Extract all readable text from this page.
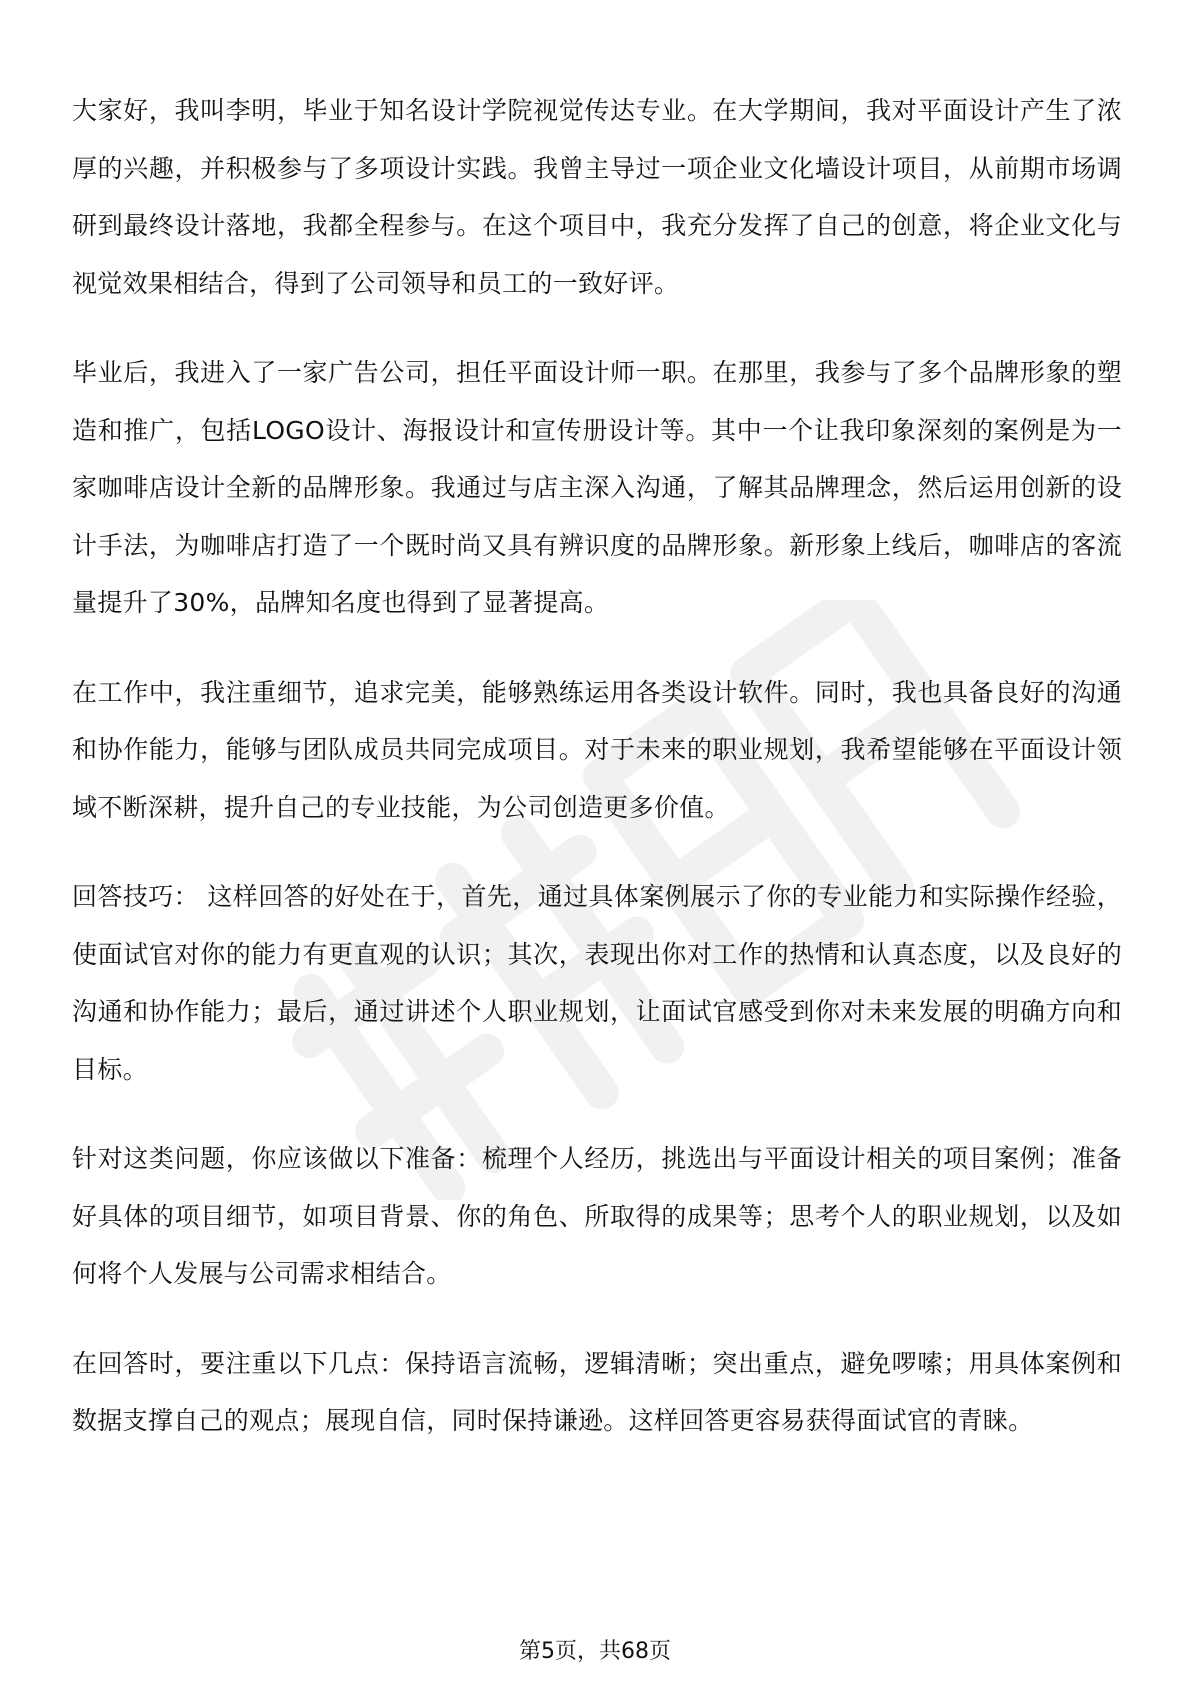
大家好，我叫李明，毕业于知名设计学院视觉传达专业。在大学期间，我对平面设计产生了浓厚的兴趣，并积极参与了多项设计实践。我曾主导过一项企业文化墙设计项目，从前期市场调研到最终设计落地，我都全程参与。在这个项目中，我充分发挥了自己的创意，将企业文化与视觉效果相结合，得到了公司领导和员工的一致好评。

毕业后，我进入了一家广告公司，担任平面设计师一职。在那里，我参与了多个品牌形象的塑造和推广，包括LOGO设计、海报设计和宣传册设计等。其中一个让我印象深刻的案例是为一家咖啡店设计全新的品牌形象。我通过与店主深入沟通，了解其品牌理念，然后运用创新的设计手法，为咖啡店打造了一个既时尚又具有辨识度的品牌形象。新形象上线后，咖啡店的客流量提升了30%，品牌知名度也得到了显著提高。

在工作中，我注重细节，追求完美，能够熟练运用各类设计软件。同时，我也具备良好的沟通和协作能力，能够与团队成员共同完成项目。对于未来的职业规划，我希望能够在平面设计领域不断深耕，提升自己的专业技能，为公司创造更多价值。

回答技巧： 这样回答的好处在于，首先，通过具体案例展示了你的专业能力和实际操作经验，使面试官对你的能力有更直观的认识；其次，表现出你对工作的热情和认真态度，以及良好的沟通和协作能力；最后，通过讲述个人职业规划，让面试官感受到你对未来发展的明确方向和目标。

针对这类问题，你应该做以下准备：梳理个人经历，挑选出与平面设计相关的项目案例；准备好具体的项目细节，如项目背景、你的角色、所取得的成果等；思考个人的职业规划，以及如何将个人发展与公司需求相结合。

在回答时，要注重以下几点：保持语言流畅，逻辑清晰；突出重点，避免啰嗦；用具体案例和数据支撑自己的观点；展现自信，同时保持谦逊。这样回答更容易获得面试官的青睐。

第5页，共68页
